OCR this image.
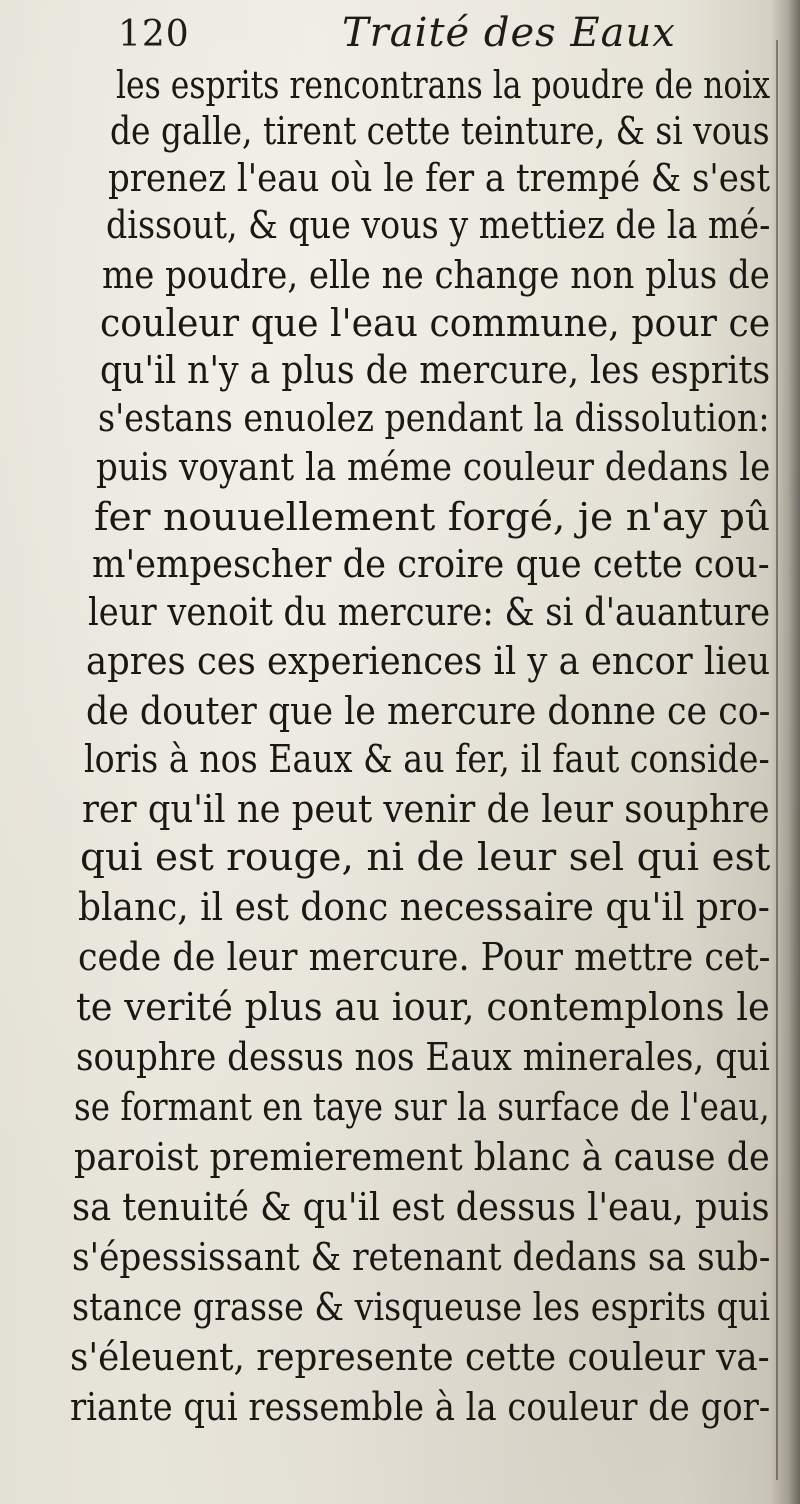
120	Traité des Eaux
les esprits rencontrans la poudre de noix
de galle, tirent cette teinture, & si vous
prenez l'eau où le fer a trempé & s'est
dissout, & que vous y mettiez de la mé-
me poudre, elle ne change non plus de
couleur que l'eau commune, pour ce
qu'il n'y a plus de mercure, les esprits
s'estans enuolez pendant la dissolution:
puis voyant la méme couleur dedans le
fer nouuellement forgé, je n'ay pû
m'empescher de croire que cette cou-
leur venoit du mercure: & si d'auanture
apres ces experiences il y a encor lieu
de douter que le mercure donne ce co-
loris à nos Eaux & au fer, il faut conside-
rer qu'il ne peut venir de leur souphre
qui est rouge, ni de leur sel qui est
blanc, il est donc necessaire qu'il pro-
cede de leur mercure. Pour mettre cet-
te verité plus au iour, contemplons le
souphre dessus nos Eaux minerales, qui
se formant en taye sur la surface de l'eau,
paroist premierement blanc à cause de
sa tenuité & qu'il est dessus l'eau, puis
s'épessissant & retenant dedans sa sub-
stance grasse & visqueuse les esprits qui
s'éleuent, represente cette couleur va-
riante qui ressemble à la couleur de gor-
